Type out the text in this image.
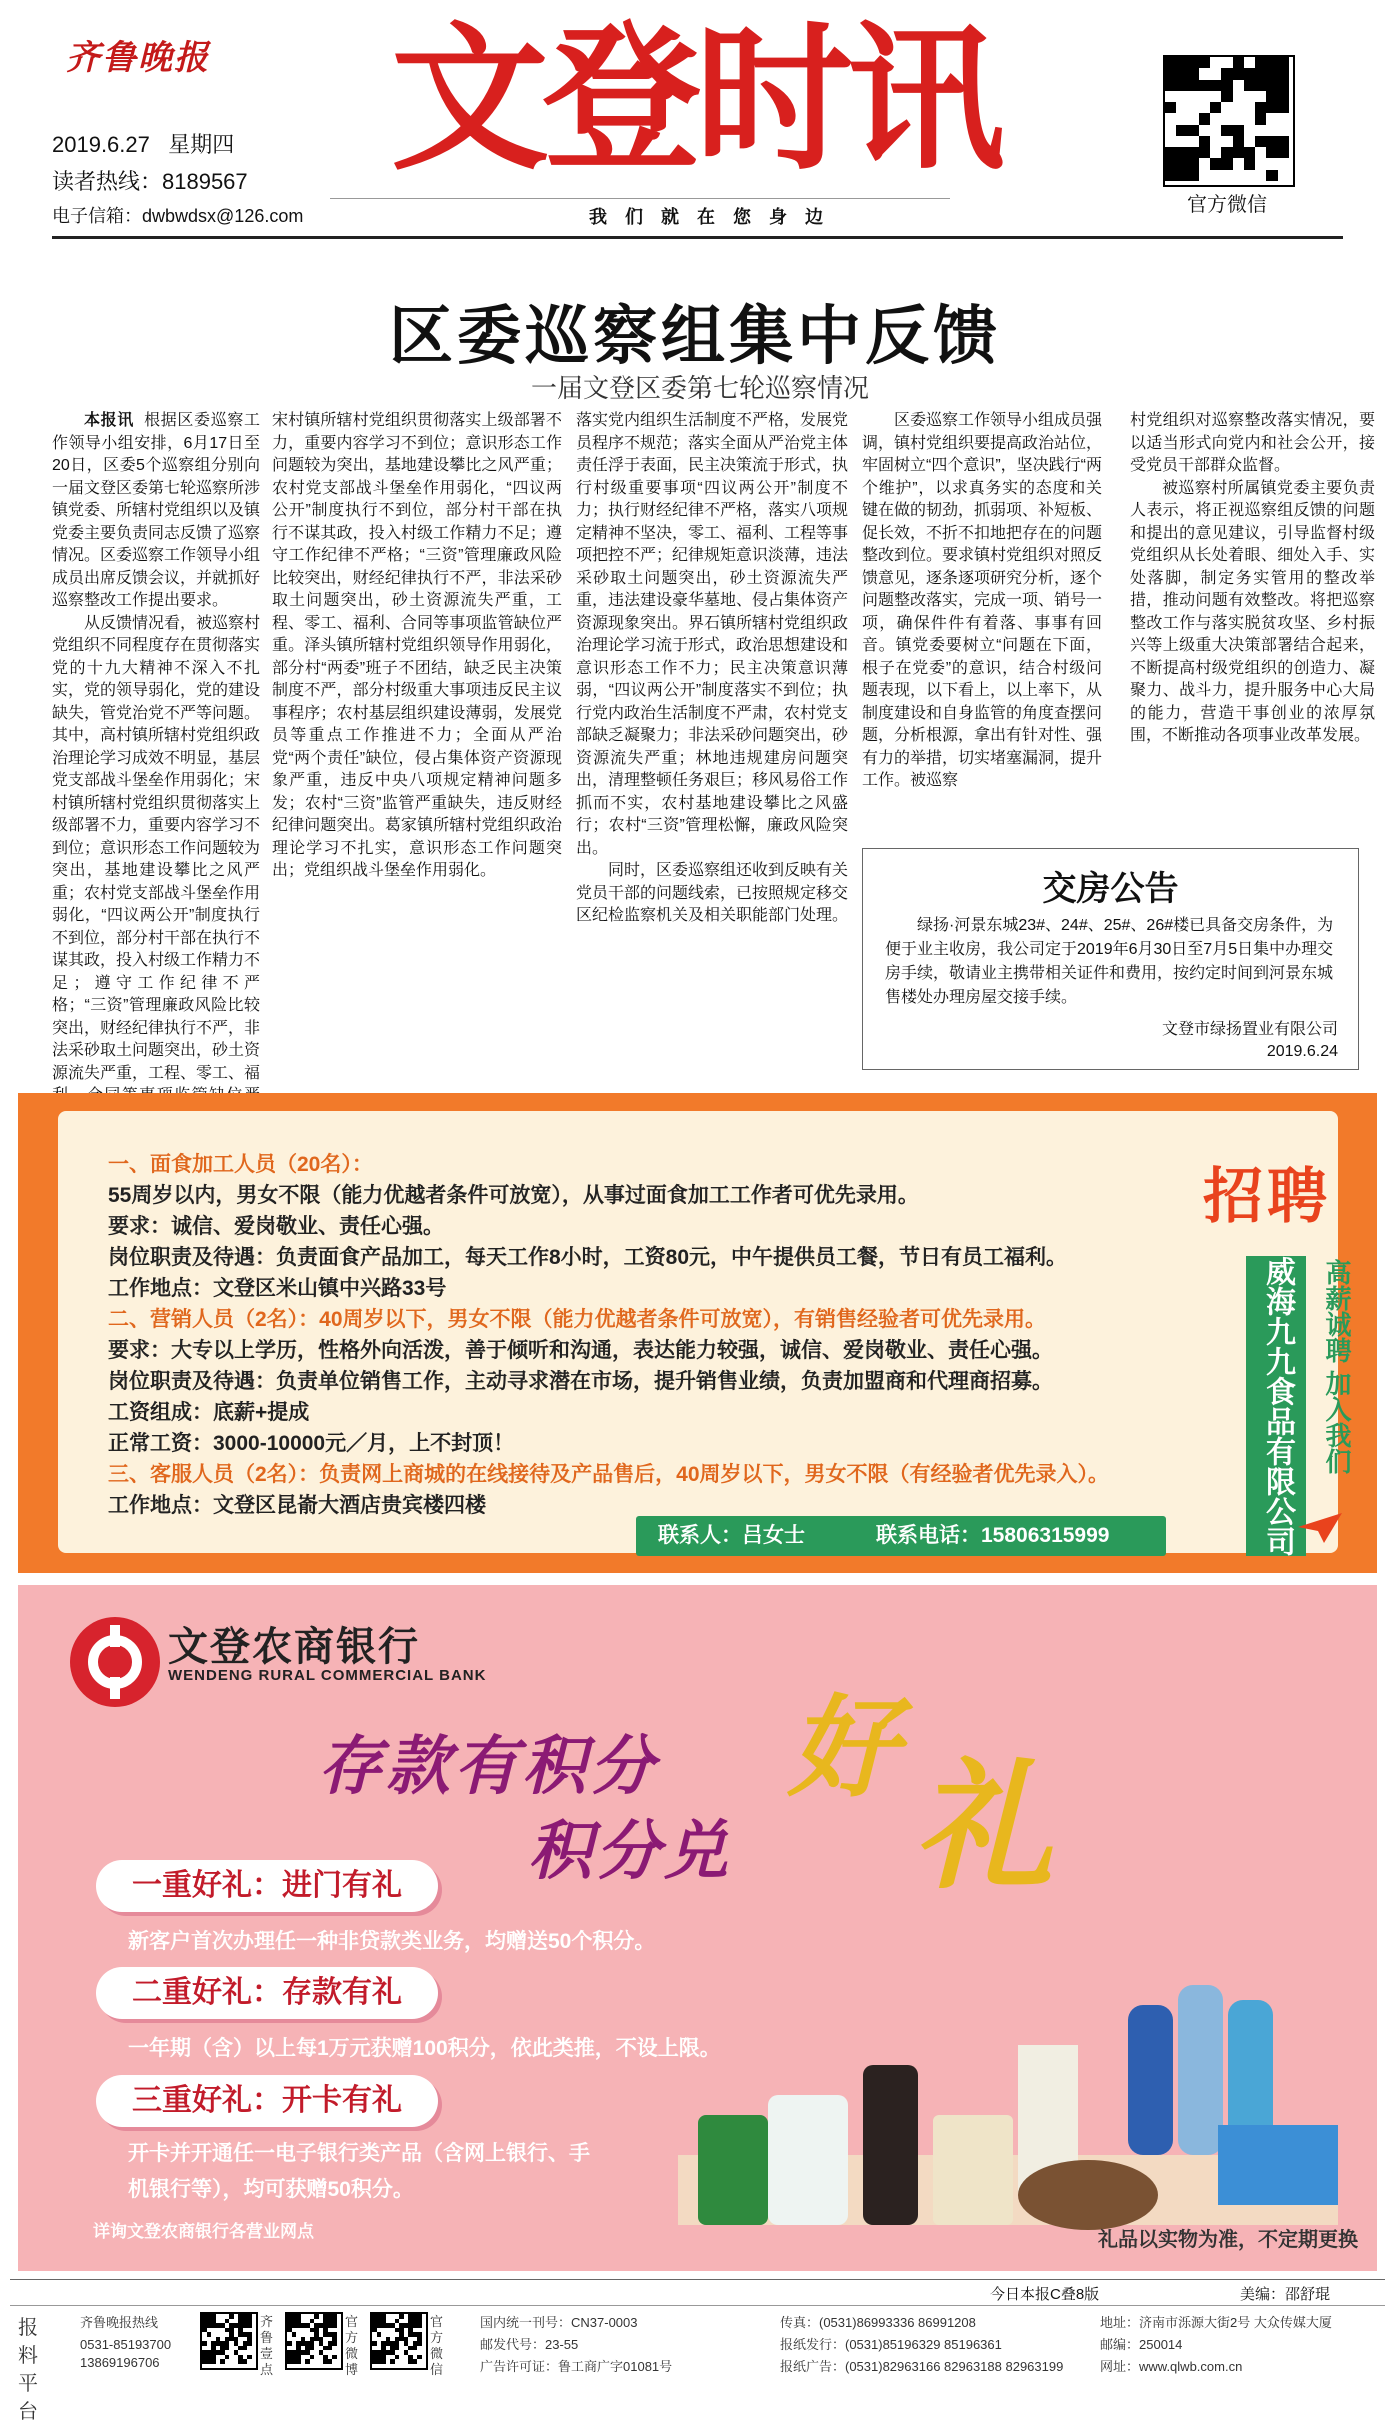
齐鲁晚报
2019.6.27 星期四
读者热线：8189567
电子信箱：dwbwdsx@126.com
文登时讯
我们就在您身边
官方微信
区委巡察组集中反馈
一届文登区委第七轮巡察情况

本报讯 根据区委巡察工作领导小组安排，6月17日至20日，区委5个巡察组分别向一届文登区委第七轮巡察所涉镇党委、所辖村党组织以及镇党委主要负责同志反馈了巡察情况。区委巡察工作领导小组成员出席反馈会议，并就抓好巡察整改工作提出要求。

从反馈情况看，被巡察村党组织不同程度存在贯彻落实党的十九大精神不深入不扎实，党的领导弱化，党的建设缺失，管党治党不严等问题。其中，高村镇所辖村党组织政治理论学习成效不明显，基层党支部战斗堡垒作用弱化；宋村镇所辖村党组织贯彻落实上级部署不力，重要内容学习不到位；意识形态工作问题较为突出，基地建设攀比之风严重；农村党支部战斗堡垒作用弱化，“四议两公开”制度执行不到位，部分村干部在执行不谋其政，投入村级工作精力不足；遵守工作纪律不严格；“三资”管理廉政风险比较突出，财经纪律执行不严，非法采砂取土问题突出，砂土资源流失严重，工程、零工、福

宋村镇所辖村党组织贯彻落实上级部署不力，重要内容学习不到位；意识形态工作问题较为突出，基地建设攀比之风严重；农村党支部战斗堡垒作用弱化，“四议两公开”制度执行不到位，部分村干部在执行不谋其政，投入村级工作精力不足；遵守工作纪律不严格；“三资”管理廉政风险比较突出，财经纪律执行不严，非法采砂取土问题突出，砂土资源流失严重，工程、零工、福利、合同等事项监管缺位严重。泽头镇所辖村党组织领导作用弱化，部分村“两委”班子不团结，缺乏民主决策制度不严，部分村级重大事项违反民主议事程序；农村基层组织建设薄弱，发展党员等重点工作推进不力；全面从严治党“两个责任”缺位，侵占集体资产资源现象严重，违反中央八项规定精神问题多发；农村“三资”监管严重缺失，违反财经纪律问题突出。葛家镇所辖村党组织政治理论学习不扎实，意识形态工作问题突出；党组织战斗堡垒作用弱化。

落实党内组织生活制度不严格，发展党员程序不规范；落实全面从严治党主体责任浮于表面，民主决策流于形式，执行村级重要事项“四议两公开”制度不力；执行财经纪律不严格，落实八项规定精神不坚决，零工、福利、工程等事项把控不严；纪律规矩意识淡薄，违法采砂取土问题突出，砂土资源流失严重，违法建设豪华墓地、侵占集体资产资源现象突出。界石镇所辖村党组织政治理论学习流于形式，政治思想建设和意识形态工作不力；民主决策意识薄弱，“四议两公开”制度落实不到位；执行党内政治生活制度不严肃，农村党支部缺乏凝聚力；非法采砂问题突出，砂资源流失严重；林地违规建房问题突出，清理整顿任务艰巨；移风易俗工作抓而不实，农村基地建设攀比之风盛行；农村“三资”管理松懈，廉政风险突出。

同时，区委巡察组还收到反映有关党员干部的问题线索，已按照规定移交区纪检监察机关及相关职能部门处理。

区委巡察工作领导小组成员强调，镇村党组织要提高政治站位，牢固树立“四个意识”，坚决践行“两个维护”，以求真务实的态度和关键在做的韧劲，抓弱项、补短板、促长效，不折不扣地把存在的问题整改到位。要求镇村党组织对照反馈意见，逐条逐项研究分析，逐个问题整改落实，完成一项、销号一项，确保件件有着落、事事有回音。镇党委要树立“问题在下面，根子在党委”的意识，结合村级问题表现，以下看上，以上率下，从制度建设和自身监管的角度查摆问题，分析根源，拿出有针对性、强有力的举措，切实堵塞漏洞，提升工作。被巡察

村党组织对巡察整改落实情况，要以适当形式向党内和社会公开，接受党员干部群众监督。

被巡察村所属镇党委主要负责人表示，将正视巡察组反馈的问题和提出的意见建议，引导监督村级党组织从长处着眼、细处入手、实处落脚，制定务实管用的整改举措，推动问题有效整改。将把巡察整改工作与落实脱贫攻坚、乡村振兴等上级重大决策部署结合起来，不断提高村级党组织的创造力、凝聚力、战斗力，提升服务中心大局的能力，营造干事创业的浓厚氛围，不断推动各项事业改革发展。

交房公告
绿扬·河景东城23#、24#、25#、26#楼已具备交房条件，为便于业主收房，我公司定于2019年6月30日至7月5日集中办理交房手续，敬请业主携带相关证件和费用，按约定时间到河景东城售楼处办理房屋交接手续。
文登市绿扬置业有限公司
2019.6.24
一、面食加工人员（20名）：
55周岁以内，男女不限（能力优越者条件可放宽），从事过面食加工工作者可优先录用。
要求：诚信、爱岗敬业、责任心强。
岗位职责及待遇：负责面食产品加工，每天工作8小时，工资80元，中午提供员工餐，节日有员工福利。
工作地点：文登区米山镇中兴路33号
二、营销人员（2名）：40周岁以下，男女不限（能力优越者条件可放宽），有销售经验者可优先录用。
要求：大专以上学历，性格外向活泼，善于倾听和沟通，表达能力较强，诚信、爱岗敬业、责任心强。
岗位职责及待遇：负责单位销售工作，主动寻求潜在市场，提升销售业绩，负责加盟商和代理商招募。
工资组成：底薪+提成
正常工资：3000-10000元／月，上不封顶！
三、客服人员（2名）：负责网上商城的在线接待及产品售后，40周岁以下，男女不限（有经验者优先录入）。
工作地点：文登区昆嵛大酒店贵宾楼四楼
招聘
威海九九食品有限公司	高薪诚聘 加入我们
联系人：吕女士	联系电话：15806315999
文登农商银行
WENDENG RURAL COMMERCIAL BANK
好
存款有积分
积分兑 礼
一重好礼：进门有礼
新客户首次办理任一种非贷款类业务，均赠送50个积分。
二重好礼：存款有礼
一年期（含）以上每1万元获赠100积分，依此类推，不设上限。
三重好礼：开卡有礼
开卡并开通任一电子银行类产品（含网上银行、手
机银行等），均可获赠50积分。
详询文登农商银行各营业网点	礼品以实物为准，不定期更换
今日本报C叠8版	美编：邵舒琨
报料平台
齐鲁晚报热线
0531-85193700 13869196706
齐鲁壹点
官方微博
官方微信
国内统一刊号：CN37-0003
邮发代号：23-55
广告许可证：鲁工商广字01081号
传真：(0531)86993336 86991208
报纸发行：(0531)85196329 85196361
报纸广告：(0531)82963166 82963188 82963199
地址：济南市泺源大街2号 大众传媒大厦
邮编：250014
网址：www.qlwb.com.cn
